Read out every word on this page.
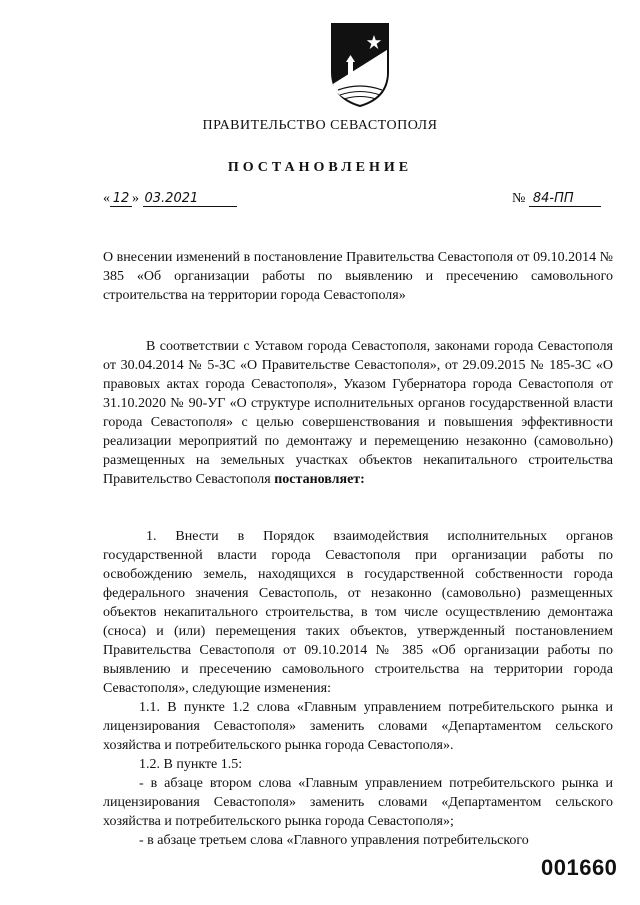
ПРАВИТЕЛЬСТВО СЕВАСТОПОЛЯ
ПОСТАНОВЛЕНИЕ
« 12 » 03.2021	№ 84-ПП
О внесении изменений в постановление Правительства Севастополя от 09.10.2014 № 385 «Об организации работы по выявлению и пресечению самовольного строительства на территории города Севастополя»
В соответствии с Уставом города Севастополя, законами города Севастополя от 30.04.2014 № 5-ЗС «О Правительстве Севастополя», от 29.09.2015 № 185-ЗС «О правовых актах города Севастополя», Указом Губернатора города Севастополя от 31.10.2020 № 90-УГ «О структуре исполнительных органов государственной власти города Севастополя» с целью совершенствования и повышения эффективности реализации мероприятий по демонтажу и перемещению незаконно (самовольно) размещенных на земельных участках объектов некапитального строительства Правительство Севастополя постановляет:
1. Внести в Порядок взаимодействия исполнительных органов государственной власти города Севастополя при организации работы по освобождению земель, находящихся в государственной собственности города федерального значения Севастополь, от незаконно (самовольно) размещенных объектов некапитального строительства, в том числе осуществлению демонтажа (сноса) и (или) перемещения таких объектов, утвержденный постановлением Правительства Севастополя от 09.10.2014 № 385 «Об организации работы по выявлению и пресечению самовольного строительства на территории города Севастополя», следующие изменения:
1.1. В пункте 1.2 слова «Главным управлением потребительского рынка и лицензирования Севастополя» заменить словами «Департаментом сельского хозяйства и потребительского рынка города Севастополя».
1.2. В пункте 1.5:
- в абзаце втором слова «Главным управлением потребительского рынка и лицензирования Севастополя» заменить словами «Департаментом сельского хозяйства и потребительского рынка города Севастополя»;
- в абзаце третьем слова «Главного управления потребительского
001660
